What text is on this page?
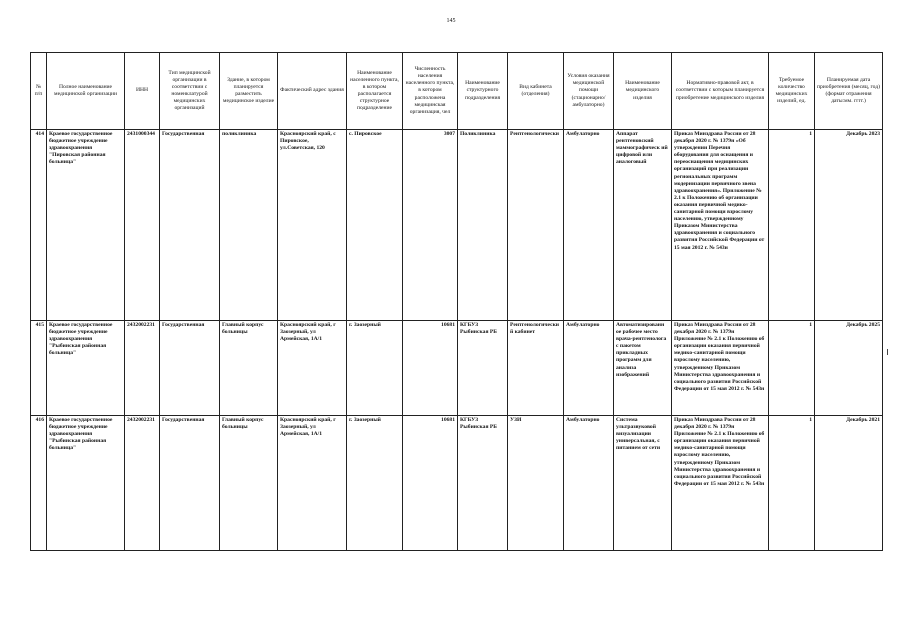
145
№ п/п	Полное наименование медицинской организации	ИНН	Тип медицинской организации в соответствии с номенклатурой медицинских организаций	Здание, в котором планируется разместить медицинское изделие	Фактический адрес здания	Наименование населенного пункта, в котором располагается структурное подразделение	Численность населения населенного пункта, в котором расположена медицинская организация, чел	Наименование структурного подразделения	Вид кабинета (отделения)	Условия оказания медицинской помощи (стационарно/ амбулаторно)	Наименование медицинского изделия	Нормативно-правовой акт, в соответствии с которым планируется приобретение медицинского изделия	Требуемое количество медицинских изделий, ед.	Планируемая дата приобретения (месяц, год) (формат отражения даты:мм. гггг.)
414	Краевое государственное бюджетное учреждение здравоохранения "Пировская районная больница"	2431000344	Государственная	поликлиника	Красноярский край, с Пировское, ул.Советская, 120	с. Пировское	3007	Поликлиника	Рентгенологически	Амбулаторно	Аппарат рентгеновский маммографическ ий цифровой или аналоговый	Приказ Минздрава России от 28 декабря 2020 г. № 1379н «Об утверждении Перечня оборудования для оснащения и переоснащения медицинских организаций при реализации региональных программ модернизации первичного звена здравоохранения». Приложение № 2.1 к Положению об организации оказания первичной медико-санитарной помощи взрослому населению, утвержденному Приказом Министерства здравоохранения и социального развития Российской Федерации от 15 мая 2012 г. № 543н	1	Декабрь 2023
415	Краевое государственное бюджетное учреждение здравоохранения "Рыбинская районная больница"	2432002231	Государственная	Главный корпус больницы	Красноярский край, г Заозерный, ул Армейская, 1А/1	г. Заозерный	10681	КГБУЗ Рыбинская РБ	Рентгенологически й кабинет	Амбулаторно	Автоматизированн ое рабочее место врача-рентгенолога с пакетом прикладных программ для анализа изображений	Приказ Минздрава России от 28 декабря 2020 г. № 1379н Приложение № 2.1 к Положению об организации оказания первичной медико-санитарной помощи взрослому населению, утвержденному Приказом Министерства здравоохранения и социального развития Российской Федерации от 15 мая 2012 г. № 543н	1	Декабрь 2025
416	Краевое государственное бюджетное учреждение здравоохранения "Рыбинская районная больница"	2432002231	Государственная	Главный корпус больницы	Красноярский край, г Заозерный, ул Армейская, 1А/1	г. Заозерный	10681	КГБУЗ Рыбинская РБ	УЗИ	Амбулаторно	Система ультразвуковой визуализации универсальная, с питанием от сети	Приказ Минздрава России от 28 декабря 2020 г. № 1379н Приложение № 2.1 к Положению об организации оказания первичной медико-санитарной помощи взрослому населению, утвержденному Приказом Министерства здравоохранения и социального развития Российской Федерации от 15 мая 2012 г. № 543н	1	Декабрь 2021
